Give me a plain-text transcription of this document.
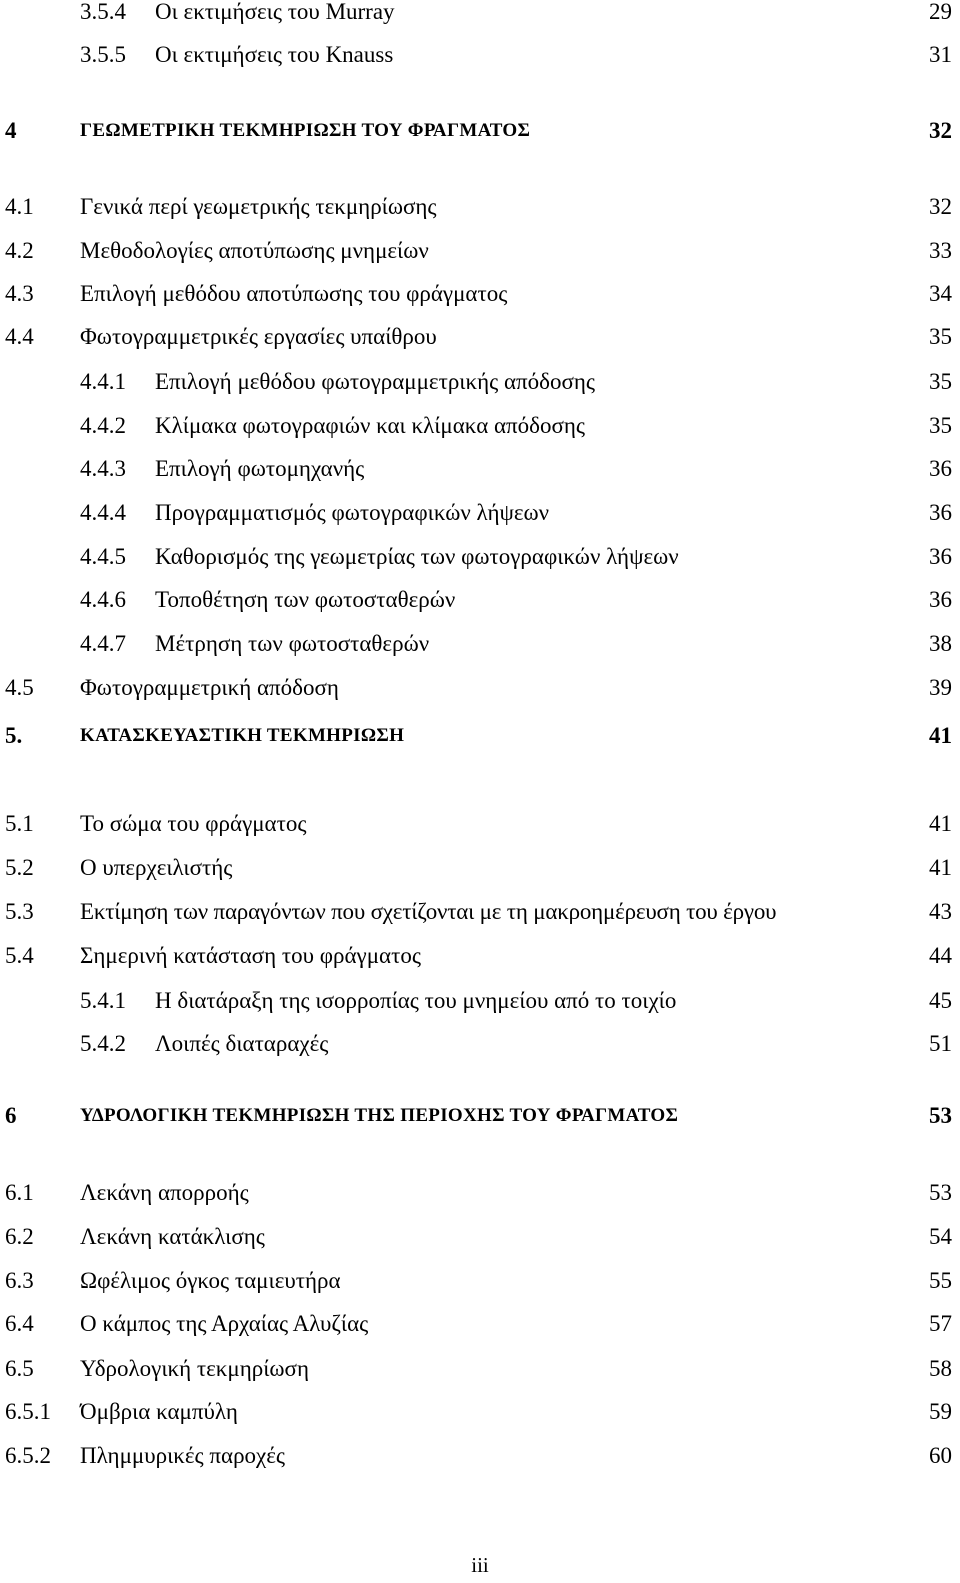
3.5.4 Οι εκτιμήσεις του Murray	29
3.5.5 Οι εκτιμήσεις του Knauss	31
4	ΓΕΩΜΕΤΡΙΚΗ ΤΕΚΜΗΡΙΩΣΗ ΤΟΥ ΦΡΑΓΜΑΤΟΣ	32
4.1 Γενικά περί γεωμετρικής τεκμηρίωσης	32
4.2 Μεθοδολογίες αποτύπωσης μνημείων	33
4.3 Επιλογή μεθόδου αποτύπωσης του φράγματος	34
4.4 Φωτογραμμετρικές εργασίες υπαίθρου	35
4.4.1 Επιλογή μεθόδου φωτογραμμετρικής απόδοσης	35
4.4.2 Κλίμακα φωτογραφιών και κλίμακα απόδοσης	35
4.4.3 Επιλογή φωτομηχανής	36
4.4.4 Προγραμματισμός φωτογραφικών λήψεων	36
4.4.5 Καθορισμός της γεωμετρίας των φωτογραφικών λήψεων	36
4.4.6 Τοποθέτηση των φωτοσταθερών	36
4.4.7 Μέτρηση των φωτοσταθερών	38
4.5 Φωτογραμμετρική απόδοση	39
5.	ΚΑΤΑΣΚΕΥΑΣΤΙΚΗ ΤΕΚΜΗΡΙΩΣΗ	41
5.1 Το σώμα του φράγματος	41
5.2 Ο υπερχειλιστής	41
5.3 Εκτίμηση των παραγόντων που σχετίζονται με τη μακροημέρευση του έργου	43
5.4 Σημερινή κατάσταση του φράγματος	44
5.4.1 Η διατάραξη της ισορροπίας του μνημείου από το τοιχίο	45
5.4.2 Λοιπές διαταραχές	51
6	ΥΔΡΟΛΟΓΙΚΗ ΤΕΚΜΗΡΙΩΣΗ ΤΗΣ ΠΕΡΙΟΧΗΣ ΤΟΥ ΦΡΑΓΜΑΤΟΣ	53
6.1 Λεκάνη απορροής	53
6.2 Λεκάνη κατάκλισης	54
6.3 Ωφέλιμος όγκος ταμιευτήρα	55
6.4 Ο κάμπος της Αρχαίας Αλυζίας	57
6.5 Υδρολογική τεκμηρίωση	58
6.5.1 Όμβρια καμπύλη	59
6.5.2 Πλημμυρικές παροχές	60
iii
